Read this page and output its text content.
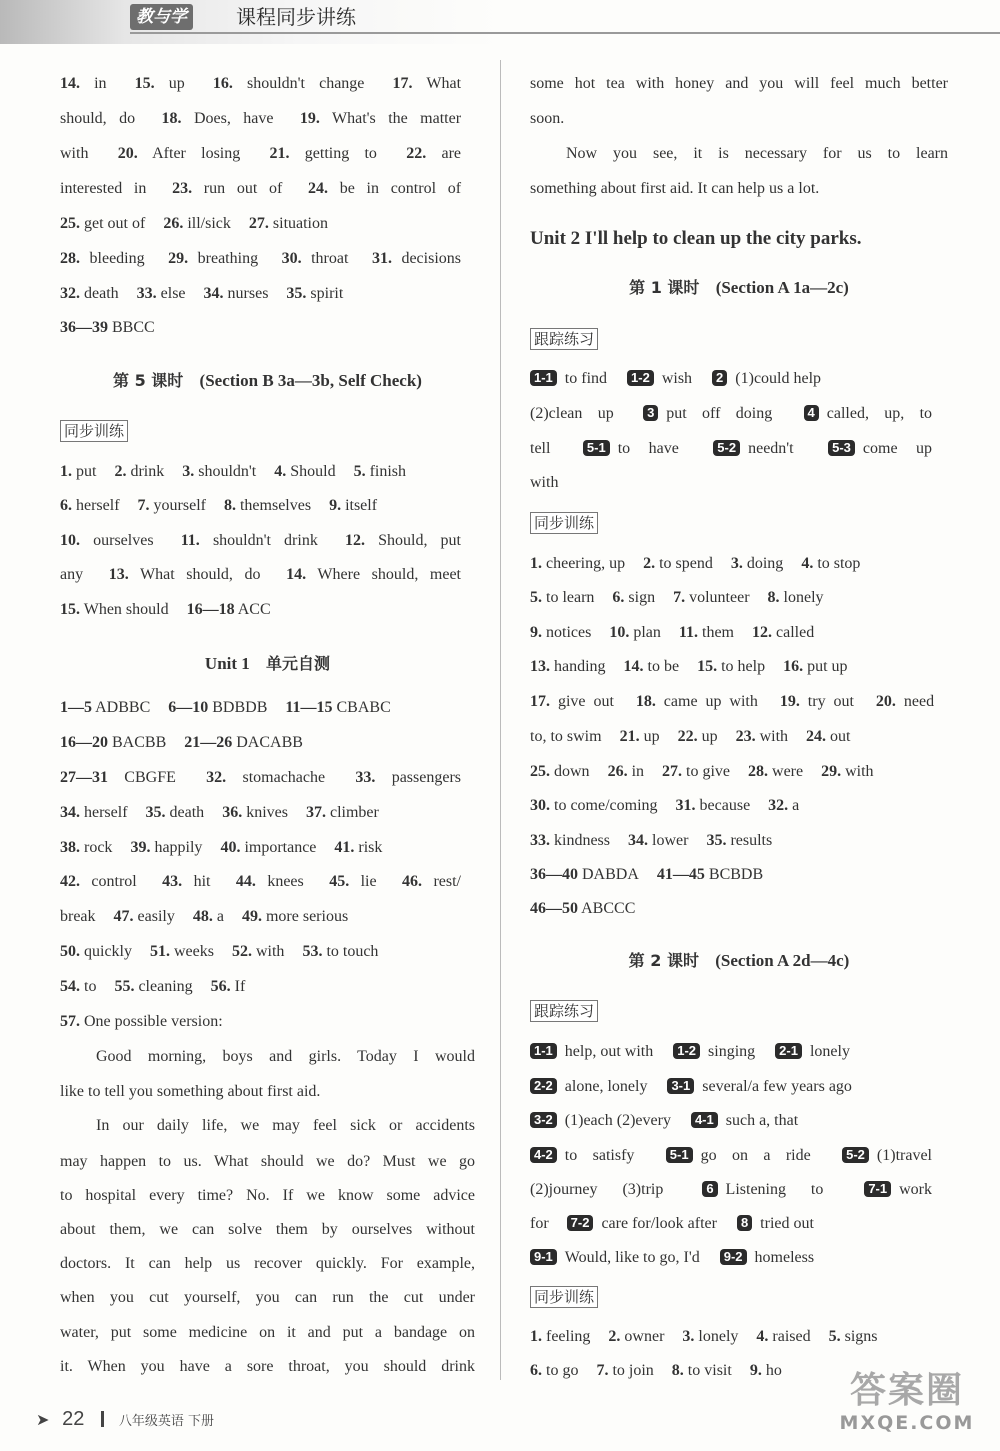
教与学	课程同步讲练
14. in 15. up 16. shouldn't change 17. What
should, do 18. Does, have 19. What's the matter
with 20. After losing 21. getting to 22. are
interested in 23. run out of 24. be in control of
25. get out of 26. ill/sick 27. situation
28. bleeding 29. breathing 30. throat 31. decisions
32. death 33. else 34. nurses 35. spirit
36—39 BBCC
第 5 课时 (Section B 3a—3b, Self Check)
同步训练
1. put 2. drink 3. shouldn't 4. Should 5. finish
6. herself 7. yourself 8. themselves 9. itself
10. ourselves 11. shouldn't drink 12. Should, put
any 13. What should, do 14. Where should, meet
15. When should 16—18 ACC
Unit 1 单元自测
1—5 ADBBC 6—10 BDBDB 11—15 CBABC
16—20 BACBB 21—26 DACABB
27—31 CBGFE 32. stomachache 33. passengers
34. herself 35. death 36. knives 37. climber
38. rock 39. happily 40. importance 41. risk
42. control 43. hit 44. knees 45. lie 46. rest/
break 47. easily 48. a 49. more serious
50. quickly 51. weeks 52. with 53. to touch
54. to 55. cleaning 56. If
57. One possible version:
Good morning, boys and girls. Today I would
like to tell you something about first aid.
In our daily life, we may feel sick or accidents
may happen to us. What should we do? Must we go
to hospital every time? No. If we know some advice
about them, we can solve them by ourselves without
doctors. It can help us recover quickly. For example,
when you cut yourself, you can run the cut under
water, put some medicine on it and put a bandage on
it. When you have a sore throat, you should drink
some hot tea with honey and you will feel much better
soon.
Now you see, it is necessary for us to learn
something about first aid. It can help us a lot.
Unit 2 I'll help to clean up the city parks.
第 1 课时 (Section A 1a—2c)
跟踪练习
1-1 to find 1-2 wish 2 (1)could help
(2)clean up	3 put off doing	4 called, up, to
tell	5-1 to have	5-2 needn't	5-3 come up
with
同步训练
1. cheering, up 2. to spend 3. doing 4. to stop
5. to learn 6. sign 7. volunteer 8. lonely
9. notices 10. plan 11. them 12. called
13. handing 14. to be 15. to help 16. put up
17. give out 18. came up with 19. try out 20. need
to, to swim 21. up 22. up 23. with 24. out
25. down 26. in 27. to give 28. were 29. with
30. to come/coming 31. because 32. a
33. kindness 34. lower 35. results
36—40 DABDA 41—45 BCBDB
46—50 ABCCC
第 2 课时 (Section A 2d—4c)
跟踪练习
1-1 help, out with 1-2 singing 2-1 lonely
2-2 alone, lonely 3-1 several/a few years ago
3-2 (1)each (2)every 4-1 such a, that
4-2 to satisfy	5-1 go on a ride	5-2 (1)travel
(2)journey (3)trip	6 Listening to	7-1 work
for 7-2 care for/look after 8 tried out
9-1 Would, like to go, I'd 9-2 homeless
同步训练
1. feeling 2. owner 3. lonely 4. raised 5. signs
6. to go 7. to join 8. to visit 9. ho
➤ 22	八年级英语 下册
答案圈
MXQE.COM
